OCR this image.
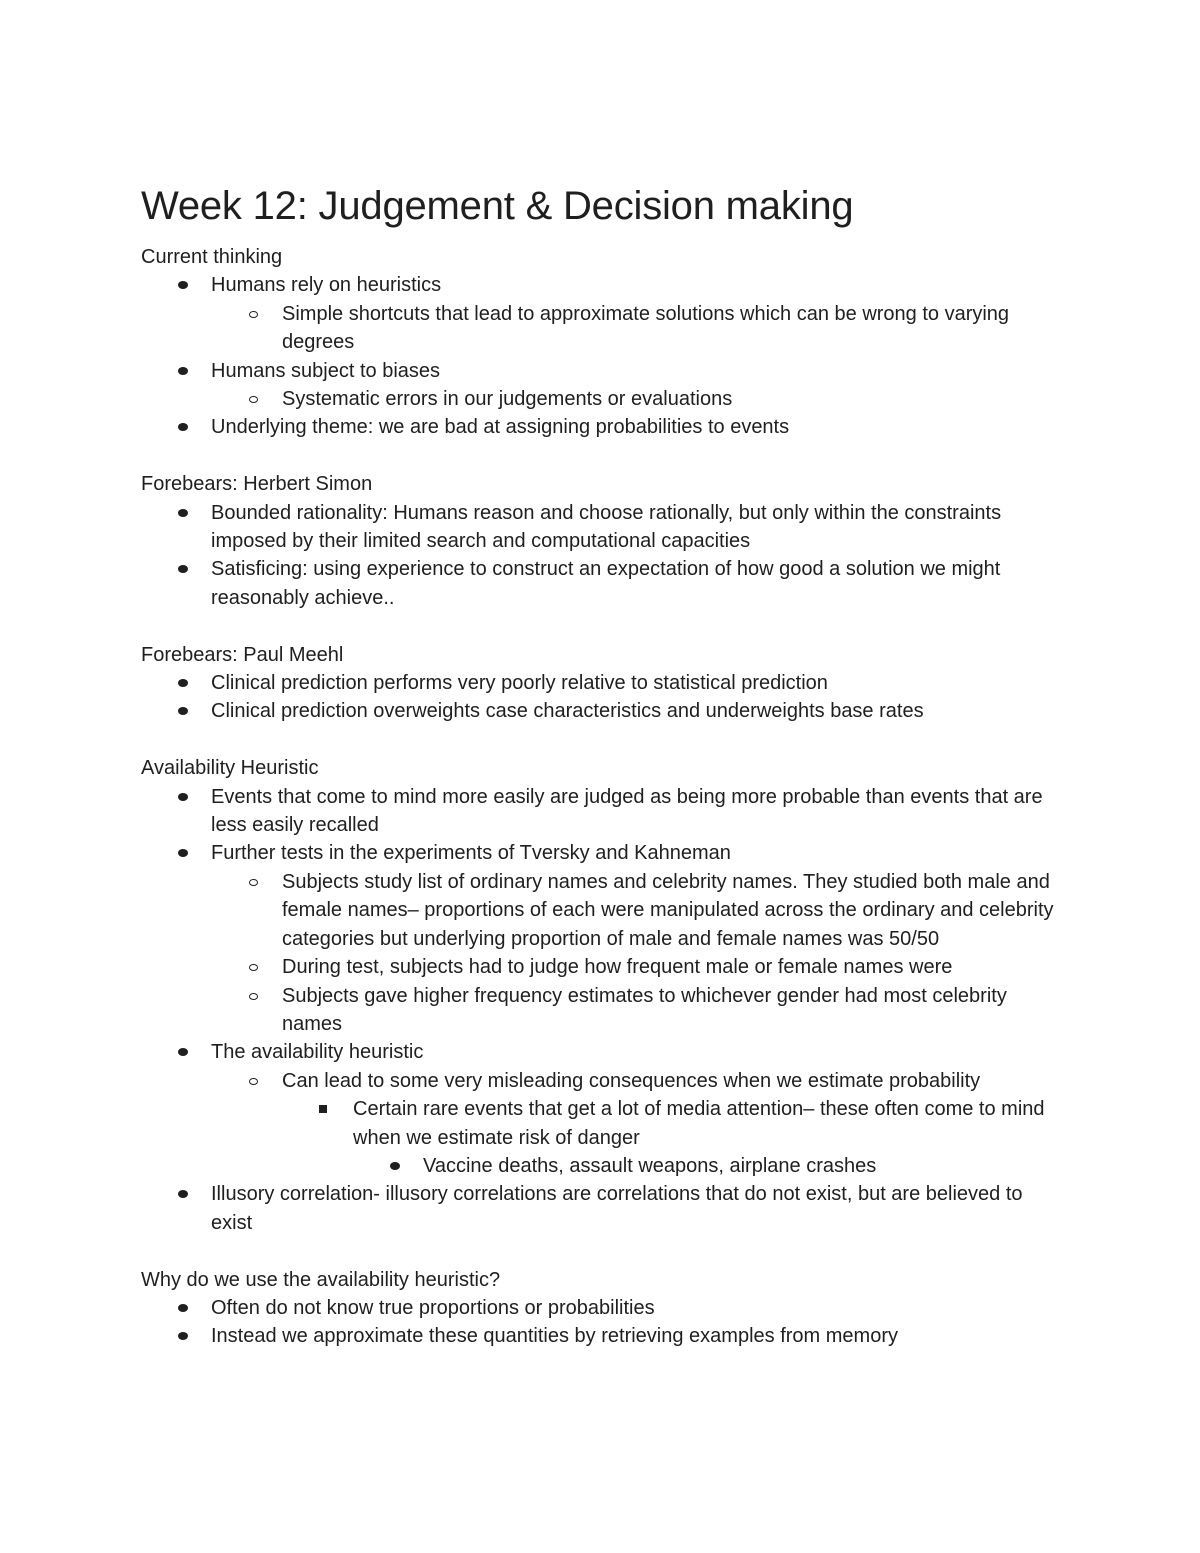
Week 12: Judgement & Decision making

Current thinking

Humans rely on heuristics
Simple shortcuts that lead to approximate solutions which can be wrong to varying degrees
Humans subject to biases
Systematic errors in our judgements or evaluations
Underlying theme: we are bad at assigning probabilities to events

Forebears: Herbert Simon

Bounded rationality: Humans reason and choose rationally, but only within the constraints imposed by their limited search and computational capacities
Satisficing: using experience to construct an expectation of how good a solution we might reasonably achieve..

Forebears: Paul Meehl

Clinical prediction performs very poorly relative to statistical prediction
Clinical prediction overweights case characteristics and underweights base rates

Availability Heuristic

Events that come to mind more easily are judged as being more probable than events that are less easily recalled
Further tests in the experiments of Tversky and Kahneman
Subjects study list of ordinary names and celebrity names. They studied both male and female names– proportions of each were manipulated across the ordinary and celebrity categories but underlying proportion of male and female names was 50/50
During test, subjects had to judge how frequent male or female names were
Subjects gave higher frequency estimates to whichever gender had most celebrity names
The availability heuristic
Can lead to some very misleading consequences when we estimate probability
Certain rare events that get a lot of media attention– these often come to mind when we estimate risk of danger
Vaccine deaths, assault weapons, airplane crashes
Illusory correlation- illusory correlations are correlations that do not exist, but are believed to exist

Why do we use the availability heuristic?

Often do not know true proportions or probabilities
Instead we approximate these quantities by retrieving examples from memory
